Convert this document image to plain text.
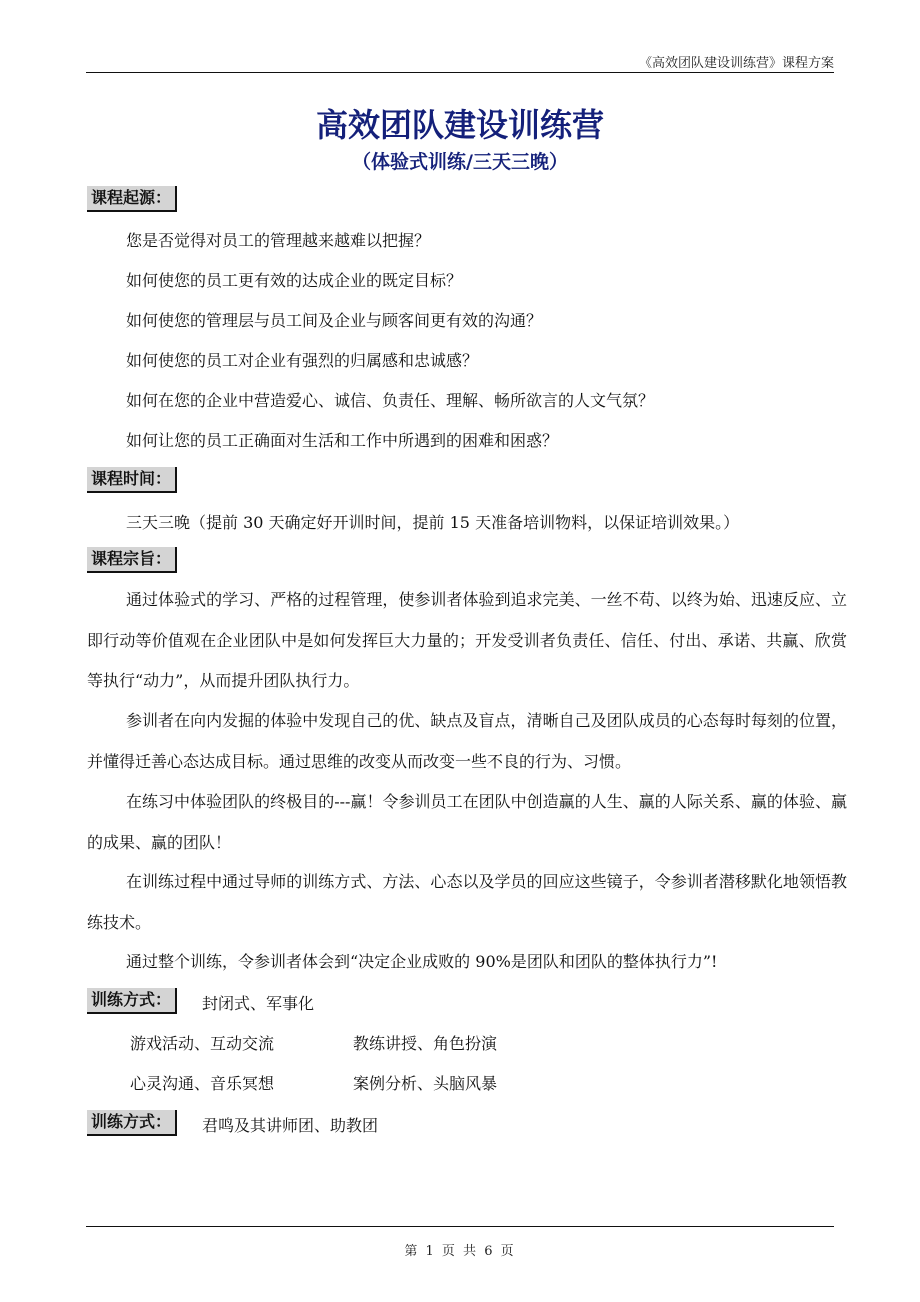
《高效团队建设训练营》课程方案
高效团队建设训练营
（体验式训练/三天三晚）
课程起源：
您是否觉得对员工的管理越来越难以把握？
如何使您的员工更有效的达成企业的既定目标？
如何使您的管理层与员工间及企业与顾客间更有效的沟通？
如何使您的员工对企业有强烈的归属感和忠诚感？
如何在您的企业中营造爱心、诚信、负责任、理解、畅所欲言的人文气氛？
如何让您的员工正确面对生活和工作中所遇到的困难和困惑？
课程时间：
三天三晚（提前 30 天确定好开训时间，提前 15 天准备培训物料，以保证培训效果。）
课程宗旨：
通过体验式的学习、严格的过程管理，使参训者体验到追求完美、一丝不苟、以终为始、迅速反应、立即行动等价值观在企业团队中是如何发挥巨大力量的；开发受训者负责任、信任、付出、承诺、共赢、欣赏等执行“动力”，从而提升团队执行力。
参训者在向内发掘的体验中发现自己的优、缺点及盲点，清晰自己及团队成员的心态每时每刻的位置，并懂得迁善心态达成目标。通过思维的改变从而改变一些不良的行为、习惯。
在练习中体验团队的终极目的---赢！令参训员工在团队中创造赢的人生、赢的人际关系、赢的体验、赢的成果、赢的团队！
在训练过程中通过导师的训练方式、方法、心态以及学员的回应这些镜子，令参训者潜移默化地领悟教练技术。
通过整个训练，令参训者体会到“决定企业成败的 90%是团队和团队的整体执行力”!
训练方式：	封闭式、军事化
游戏活动、互动交流	教练讲授、角色扮演
心灵沟通、音乐冥想	案例分析、头脑风暴
训练方式：	君鸣及其讲师团、助教团
第 1 页 共 6 页
